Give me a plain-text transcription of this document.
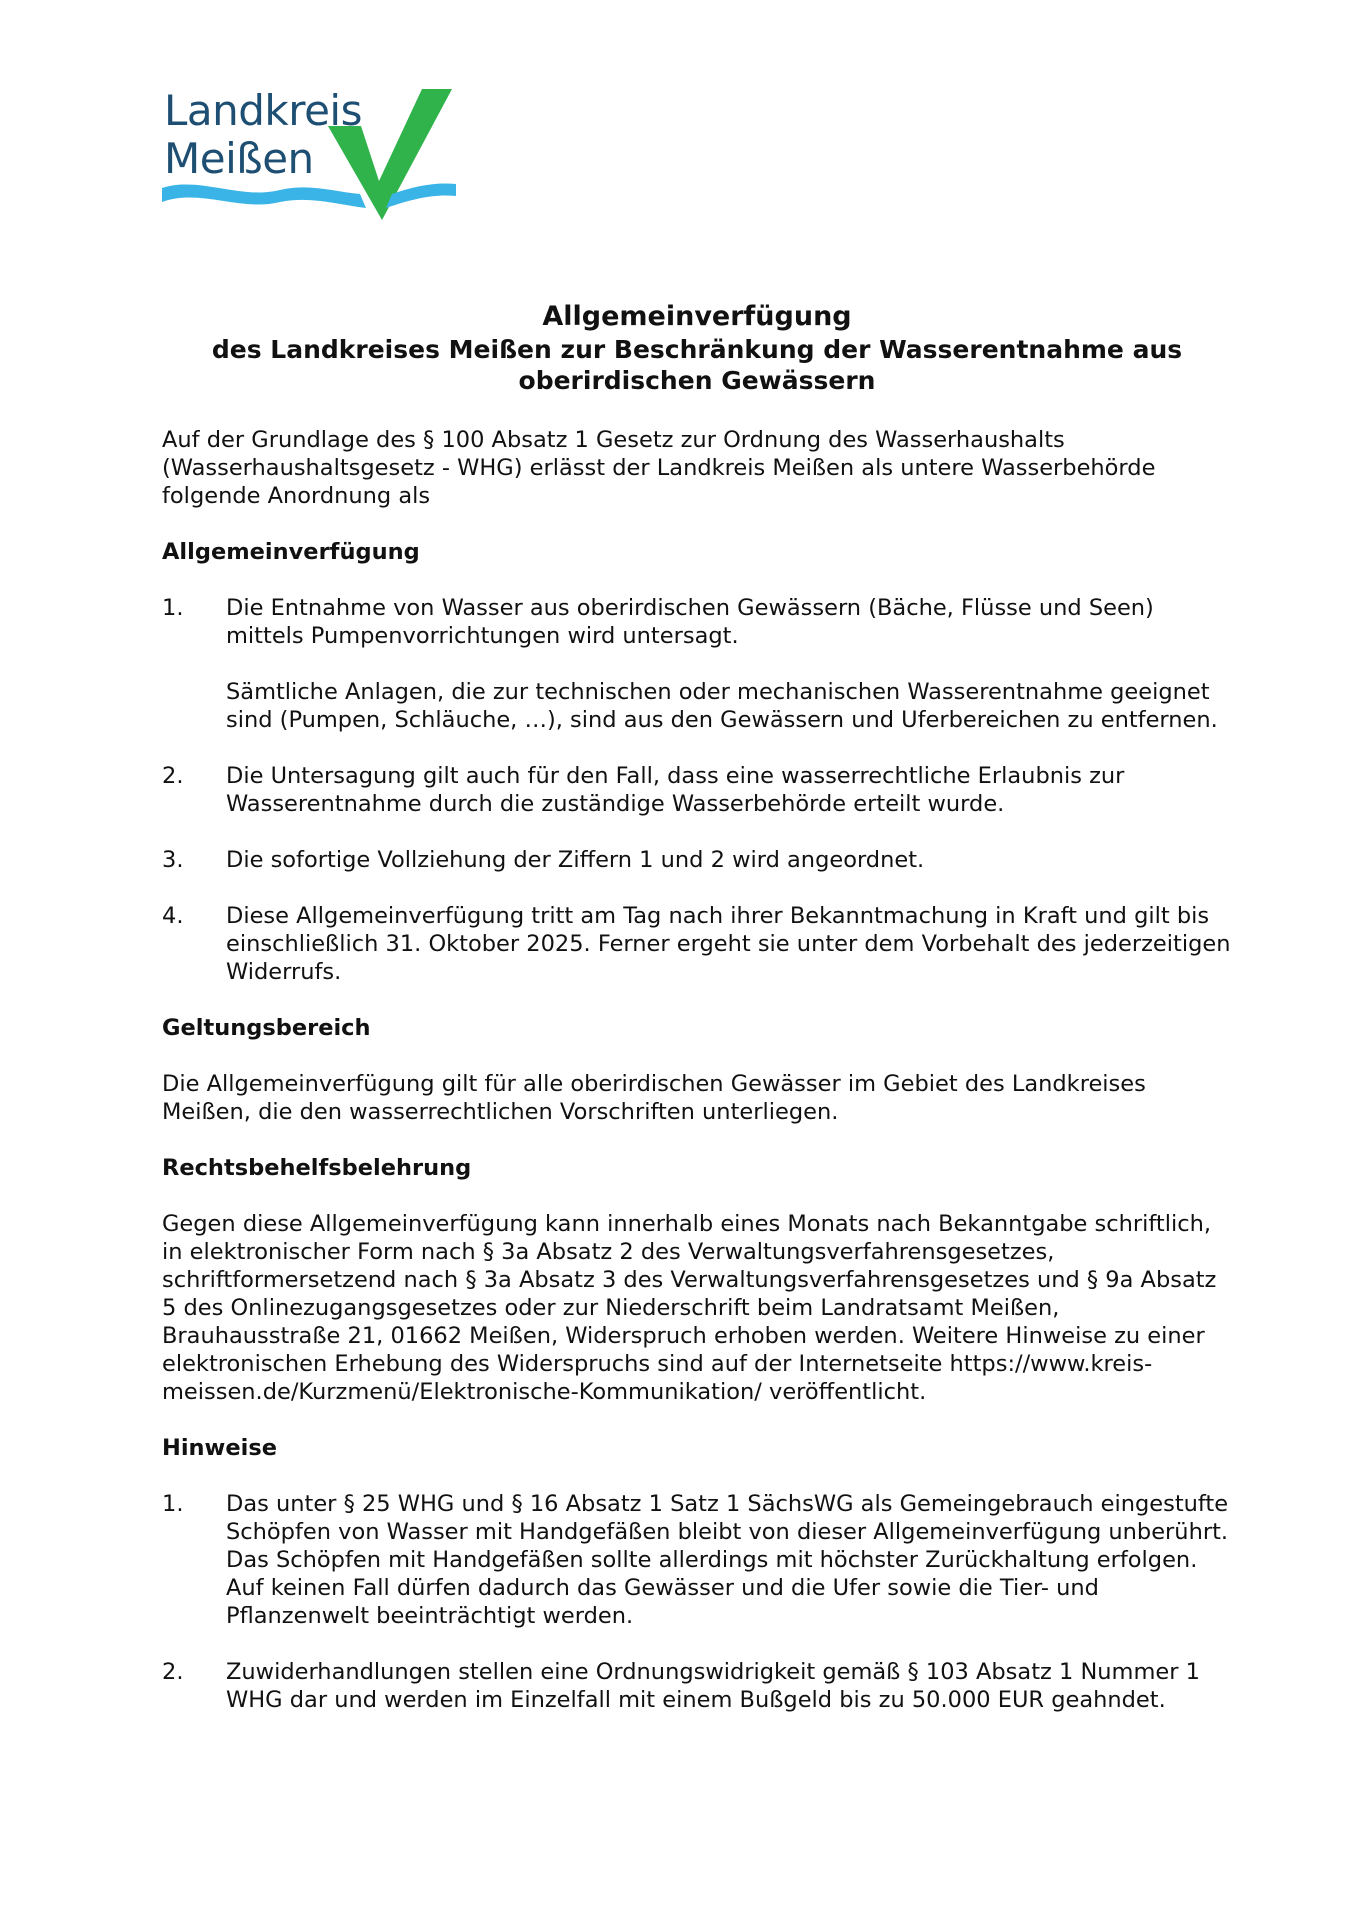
Landkreis
Meißen
Allgemeinverfügung
des Landkreises Meißen zur Beschränkung der Wasserentnahme aus
oberirdischen Gewässern

Auf der Grundlage des § 100 Absatz 1 Gesetz zur Ordnung des Wasserhaushalts (Wasserhaushaltsgesetz - WHG) erlässt der Landkreis Meißen als untere Wasserbehörde folgende Anordnung als

Allgemeinverfügung
1.	Die Entnahme von Wasser aus oberirdischen Gewässern (Bäche, Flüsse und Seen) mittels Pumpenvorrichtungen wird untersagt.

Sämtliche Anlagen, die zur technischen oder mechanischen Wasserentnahme geeignet sind (Pumpen, Schläuche, …), sind aus den Gewässern und Uferbereichen zu entfernen.

2.	Die Untersagung gilt auch für den Fall, dass eine wasserrechtliche Erlaubnis zur Wasserentnahme durch die zuständige Wasserbehörde erteilt wurde.

3.	Die sofortige Vollziehung der Ziffern 1 und 2 wird angeordnet.

4.	Diese Allgemeinverfügung tritt am Tag nach ihrer Bekanntmachung in Kraft und gilt bis einschließlich 31. Oktober 2025. Ferner ergeht sie unter dem Vorbehalt des jederzeitigen Widerrufs.

Geltungsbereich

Die Allgemeinverfügung gilt für alle oberirdischen Gewässer im Gebiet des Landkreises Meißen, die den wasserrechtlichen Vorschriften unterliegen.

Rechtsbehelfsbelehrung

Gegen diese Allgemeinverfügung kann innerhalb eines Monats nach Bekanntgabe schriftlich, in elektronischer Form nach § 3a Absatz 2 des Verwaltungsverfahrensgesetzes, schriftformersetzend nach § 3a Absatz 3 des Verwaltungsverfahrensgesetzes und § 9a Absatz 5 des Onlinezugangsgesetzes oder zur Niederschrift beim Landratsamt Meißen, Brauhausstraße 21, 01662 Meißen, Widerspruch erhoben werden. Weitere Hinweise zu einer elektronischen Erhebung des Widerspruchs sind auf der Internetseite https://www.kreis-meissen.de/Kurzmenü/Elektronische-Kommunikation/ veröffentlicht.

Hinweise
1.	Das unter § 25 WHG und § 16 Absatz 1 Satz 1 SächsWG als Gemeingebrauch eingestufte Schöpfen von Wasser mit Handgefäßen bleibt von dieser Allgemeinverfügung unberührt. Das Schöpfen mit Handgefäßen sollte allerdings mit höchster Zurückhaltung erfolgen. Auf keinen Fall dürfen dadurch das Gewässer und die Ufer sowie die Tier- und Pflanzenwelt beeinträchtigt werden.

2.	Zuwiderhandlungen stellen eine Ordnungswidrigkeit gemäß § 103 Absatz 1 Nummer 1 WHG dar und werden im Einzelfall mit einem Bußgeld bis zu 50.000 EUR geahndet.
